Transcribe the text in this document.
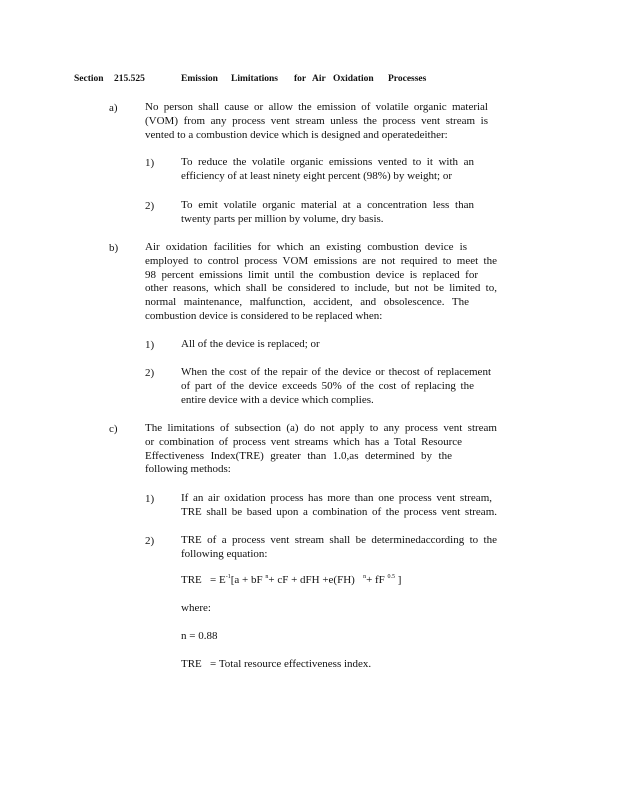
Section 215.525	Emission Limitations for Air Oxidation Processes
a) No person shall cause or allow the emission of volatile organic material
(VOM) from any process vent stream unless the process vent stream is
vented to a combustion device which is designed and operatedeither:
1) To reduce the volatile organic emissions vented to it with an
efficiency of at least ninety eight percent (98%) by weight; or
2) To emit volatile organic material at a concentration less than
twenty parts per million by volume, dry basis.
b) Air oxidation facilities for which an existing combustion device is
employed to control process VOM emissions are not required to meet the
98 percent emissions limit until the combustion device is replaced for
other reasons, which shall be considered to include, but not be limited to,
normal maintenance, malfunction, accident, and obsolescence. The
combustion device is considered to be replaced when:
1) All of the device is replaced; or
2) When the cost of the repair of the device or thecost of replacement
of part of the device exceeds 50% of the cost of replacing the
entire device with a device which complies.
c) The limitations of subsection (a) do not apply to any process vent stream
or combination of process vent streams which has a Total Resource
Effectiveness Index(TRE) greater than 1.0,as determined by the
following methods:
1) If an air oxidation process has more than one process vent stream,
TRE shall be based upon a combination of the process vent stream.
2) TRE of a process vent stream shall be determinedaccording to the
following equation:
TRE = $E^{-1}[a$ + bF $^n$+ cF + dFH +e(FH) $^n$+ fF $^{0.5}$ ]
where:
n = 0.88
TRE = Total resource effectiveness index.
